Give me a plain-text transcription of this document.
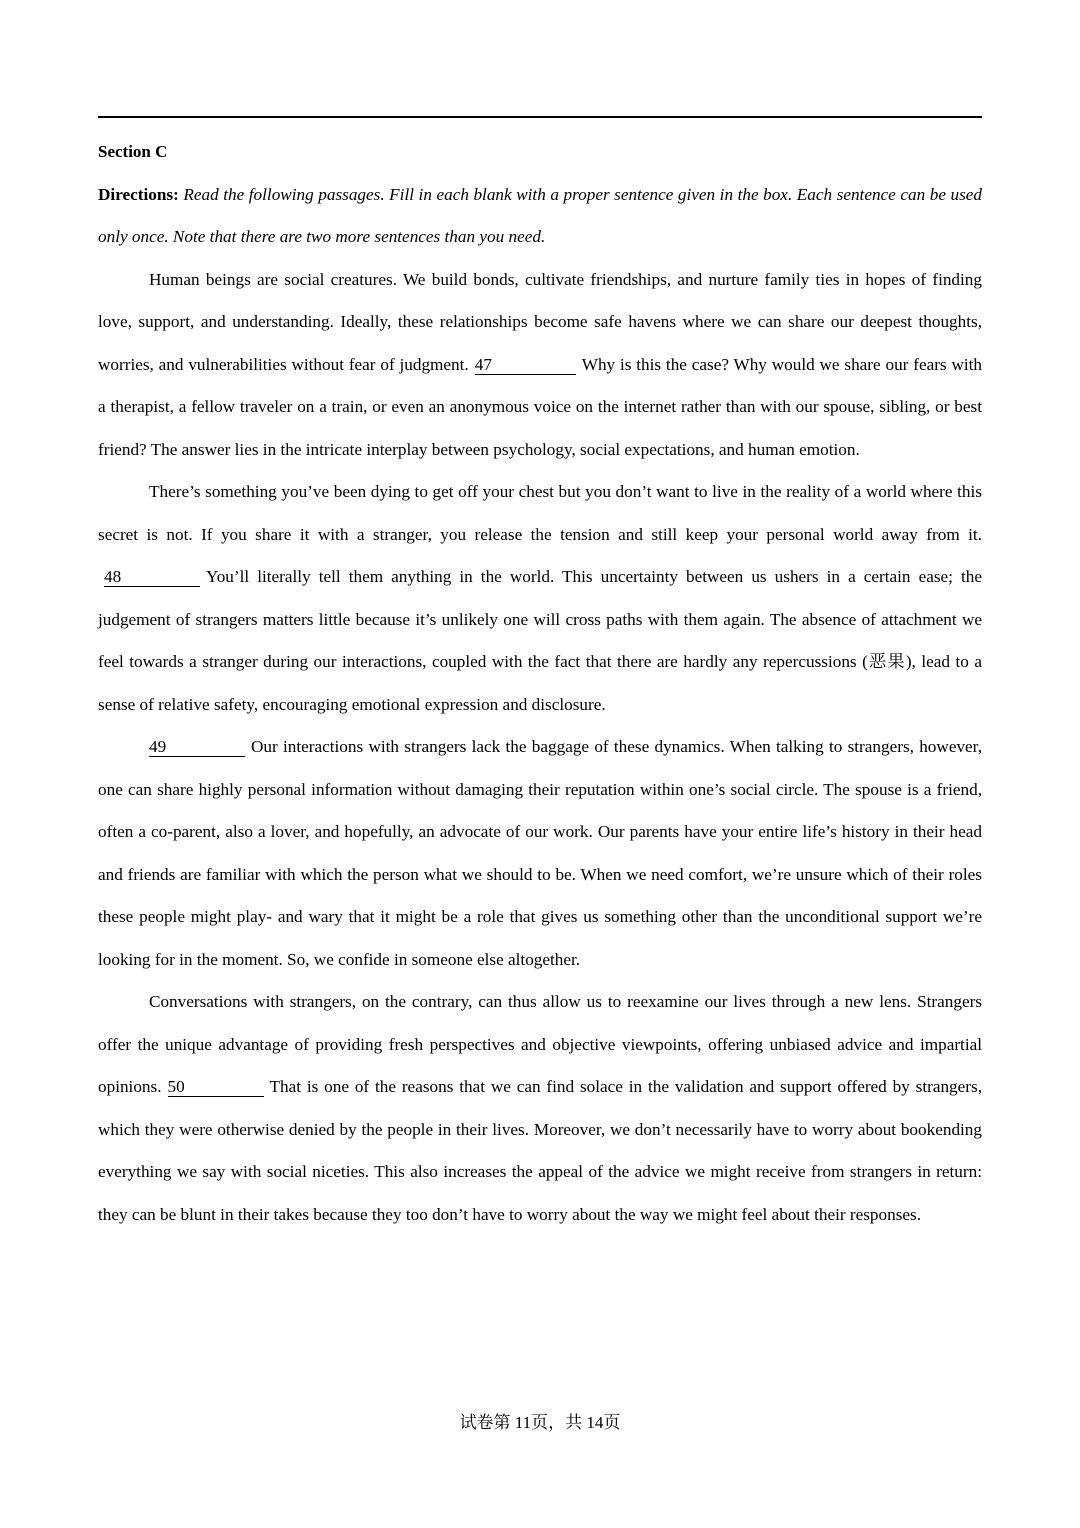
Section C

Directions: Read the following passages. Fill in each blank with a proper sentence given in the box. Each sentence can be used only once. Note that there are two more sentences than you need.

Human beings are social creatures. We build bonds, cultivate friendships, and nurture family ties in hopes of finding love, support, and understanding. Ideally, these relationships become safe havens where we can share our deepest thoughts, worries, and vulnerabilities without fear of judgment. 47	Why is this the case? Why would we share our fears with a therapist, a fellow traveler on a train, or even an anonymous voice on the internet rather than with our spouse, sibling, or best friend? The answer lies in the intricate interplay between psychology, social expectations, and human emotion.

There’s something you’ve been dying to get off your chest but you don’t want to live in the reality of a world where this secret is not. If you share it with a stranger, you release the tension and still keep your personal world away from it.48	You’ll literally tell them anything in the world. This uncertainty between us ushers in a certain ease; the judgement of strangers matters little because it’s unlikely one will cross paths with them again. The absence of attachment we feel towards a stranger during our interactions, coupled with the fact that there are hardly any repercussions (恶果), lead to a sense of relative safety, encouraging emotional expression and disclosure.

49	Our interactions with strangers lack the baggage of these dynamics. When talking to strangers, however, one can share highly personal information without damaging their reputation within one’s social circle. The spouse is a friend, often a co-parent, also a lover, and hopefully, an advocate of our work. Our parents have your entire life’s history in their head and friends are familiar with which the person what we should to be. When we need comfort, we’re unsure which of their roles these people might play- and wary that it might be a role that gives us something other than the unconditional support we’re looking for in the moment. So, we confide in someone else altogether.

Conversations with strangers, on the contrary, can thus allow us to reexamine our lives through a new lens. Strangers offer the unique advantage of providing fresh perspectives and objective viewpoints, offering unbiased advice and impartial opinions. 50	That is one of the reasons that we can find solace in the validation and support offered by strangers, which they were otherwise denied by the people in their lives. Moreover, we don’t necessarily have to worry about bookending everything we say with social niceties. This also increases the appeal of the advice we might receive from strangers in return: they can be blunt in their takes because they too don’t have to worry about the way we might feel about their responses.

试卷第 11页，共 14页
